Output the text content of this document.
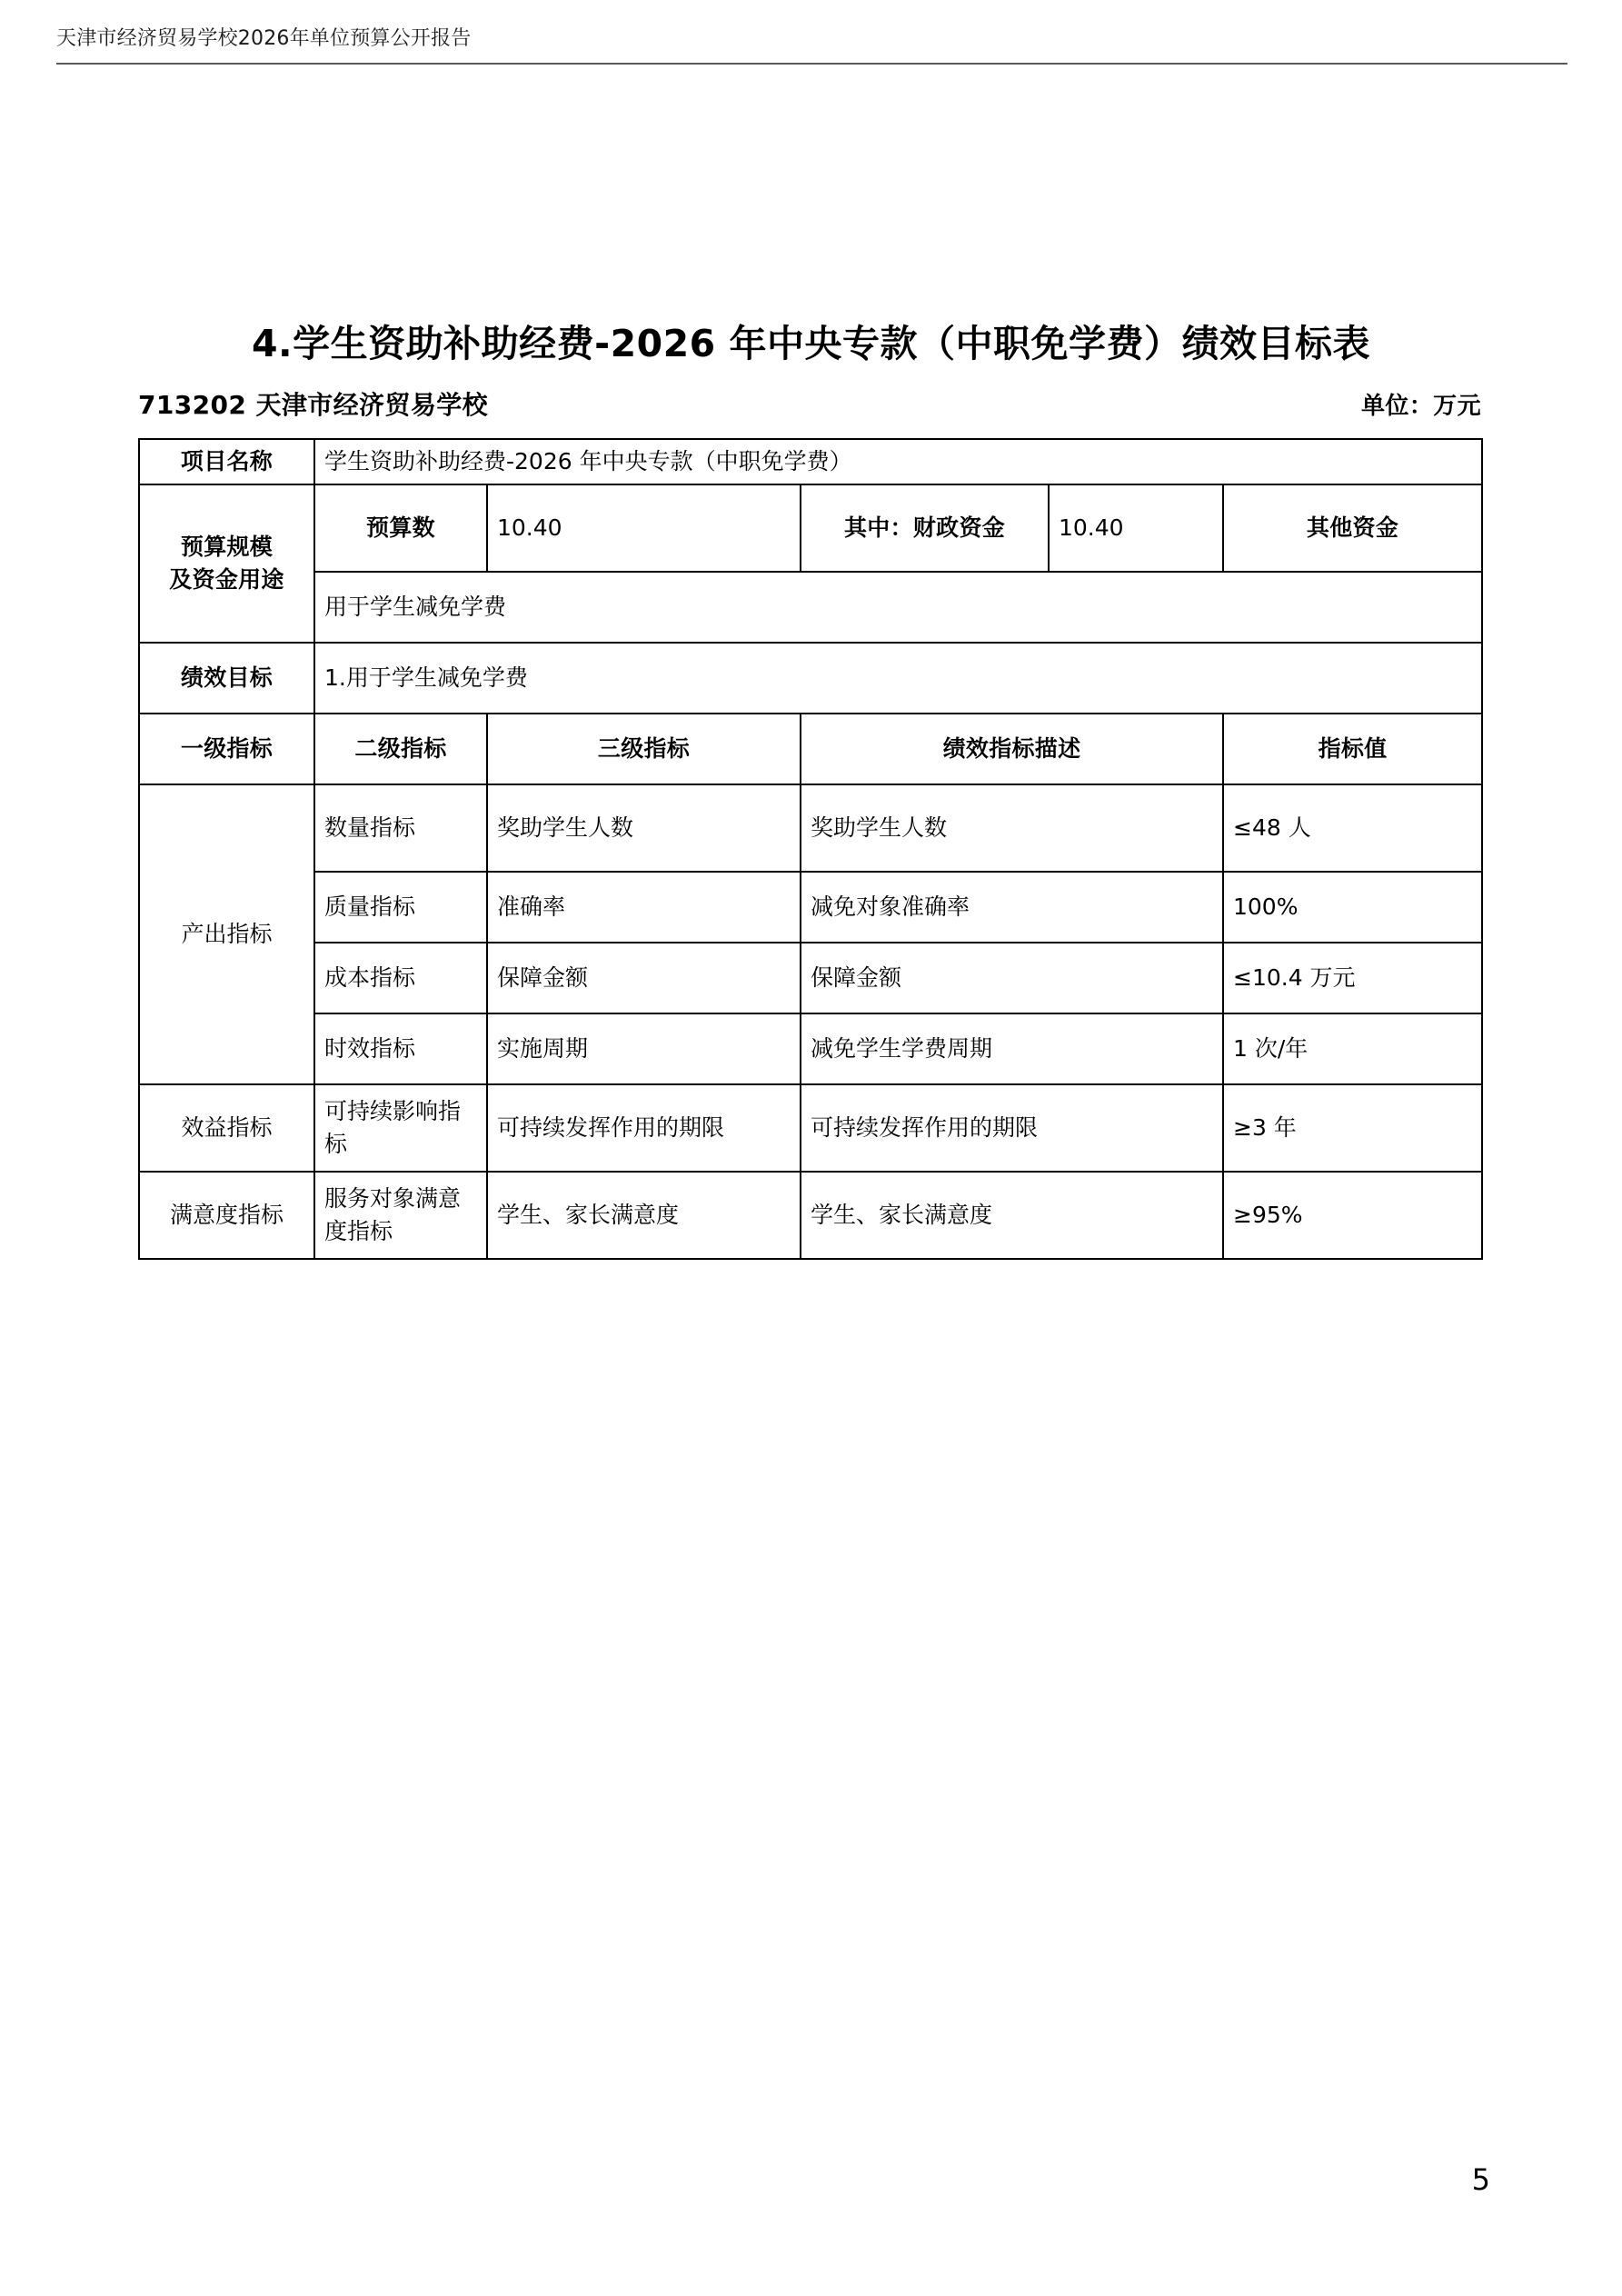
天津市经济贸易学校2026年单位预算公开报告
4.学生资助补助经费-2026 年中央专款（中职免学费）绩效目标表
713202 天津市经济贸易学校	单位：万元
项目名称	学生资助补助经费-2026 年中央专款（中职免学费）				

预算规模
及资金用途	预算数	10.40	其中：财政资金	10.40	其他资金
	用于学生减免学费				
绩效目标	1.用于学生减免学费				
一级指标	二级指标	三级指标	绩效指标描述		指标值
产出指标	数量指标	奖助学生人数	奖助学生人数		≤48 人
	质量指标	准确率	减免对象准确率		100%
	成本指标	保障金额	保障金额		≤10.4 万元
	时效指标	实施周期	减免学生学费周期		1 次/年
效益指标	可持续影响指标	可持续发挥作用的期限	可持续发挥作用的期限		≥3 年
满意度指标	服务对象满意度指标	学生、家长满意度	学生、家长满意度		≥95%
5
